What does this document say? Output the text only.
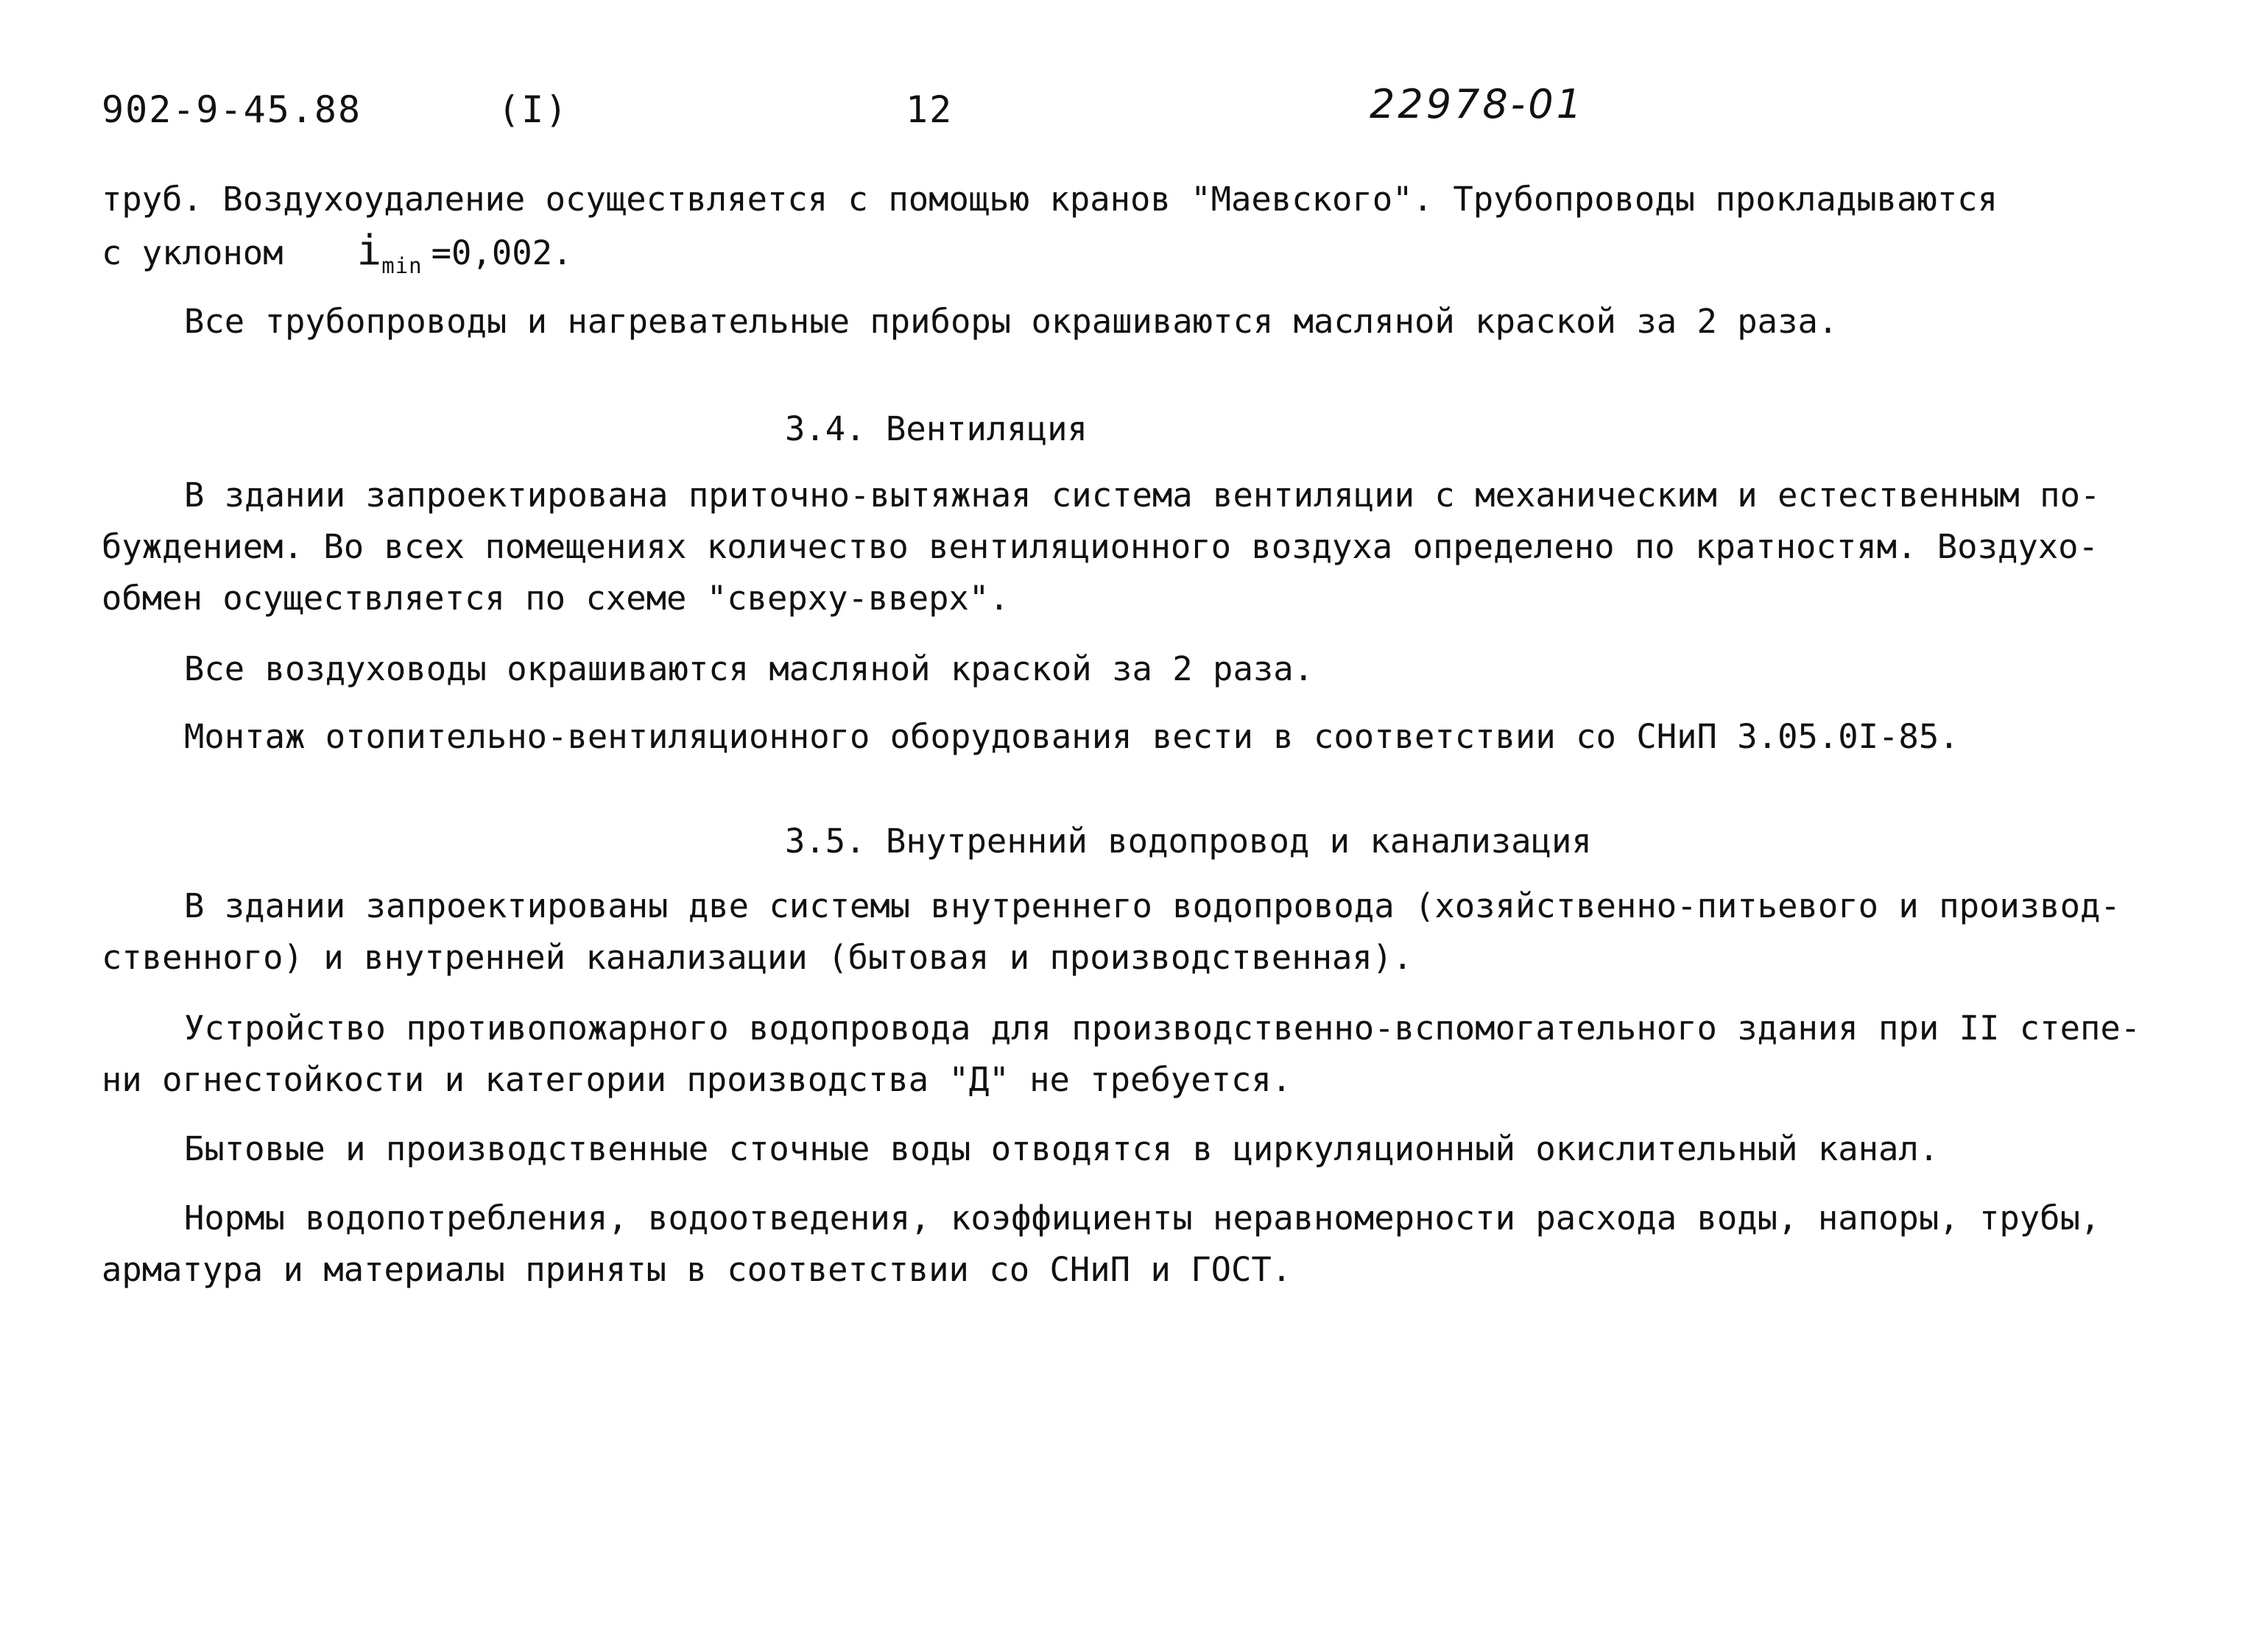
902-9-45.88	(I)	12	22978-01
труб. Воздухоудаление осуществляется с помощью кранов "Маевского". Трубопроводы прокладываются
с уклоном $i_{min} =0,002$.
Все трубопроводы и нагревательные приборы окрашиваются масляной краской за 2 раза.
3.4. Вентиляция
В здании запроектирована приточно-вытяжная система вентиляции с механическим и естественным по-
буждением. Во всех помещениях количество вентиляционного воздуха определено по кратностям. Воздухо-
обмен осуществляется по схеме "сверху-вверх".
Все воздуховоды окрашиваются масляной краской за 2 раза.
Монтаж отопительно-вентиляционного оборудования вести в соответствии со СНиП 3.05.0I-85.
3.5. Внутренний водопровод и канализация
В здании запроектированы две системы внутреннего водопровода (хозяйственно-питьевого и производ-
ственного) и внутренней канализации (бытовая и производственная).
Устройство противопожарного водопровода для производственно-вспомогательного здания при II степе-
ни огнестойкости и категории производства "Д" не требуется.
Бытовые и производственные сточные воды отводятся в циркуляционный окислительный канал.
Нормы водопотребления, водоотведения, коэффициенты неравномерности расхода воды, напоры, трубы,
арматура и материалы приняты в соответствии со СНиП и ГОСТ.
